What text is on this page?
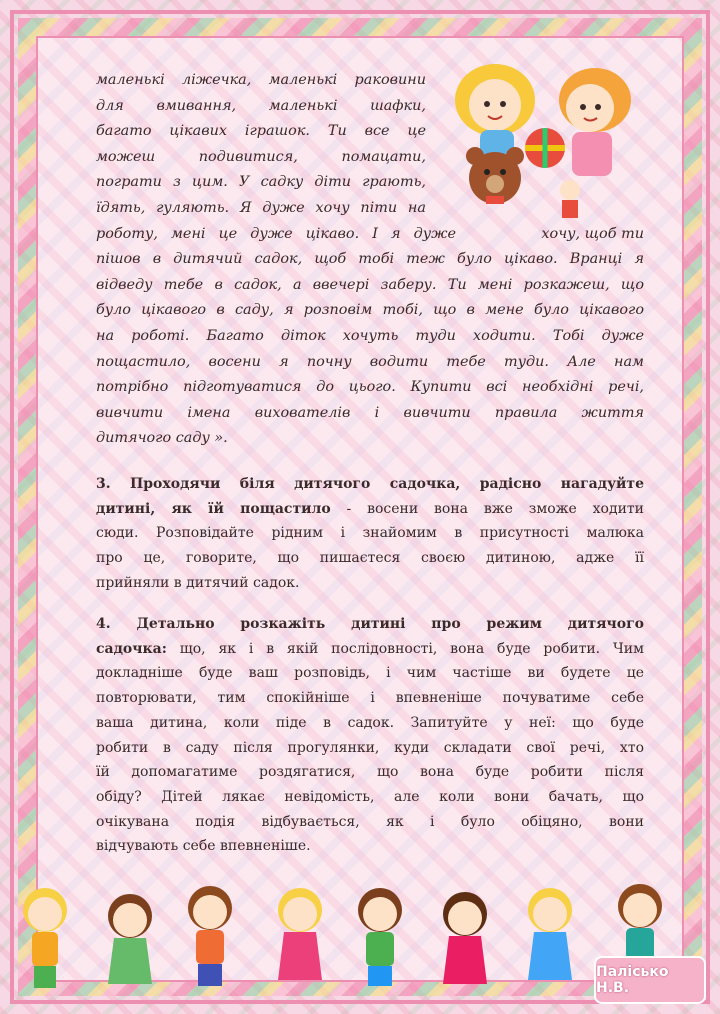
маленькі ліжечка, маленькі раковини
для вмивання, маленькі шафки,
багато цікавих іграшок. Ти все це
можеш подивитися, помацати,
пограти з цим. У садку діти грають,
їдять, гуляють. Я дуже хочу піти на
роботу, мені це дуже цікаво. І я дуже	хочу, щоб ти
пішов в дитячий садок, щоб тобі теж було цікаво. Вранці я
відведу тебе в садок, а ввечері заберу. Ти мені розкажеш, що
було цікавого в саду, я розповім тобі, що в мене було цікавого
на роботі. Багато діток хочуть туди ходити. Тобі дуже
пощастило, восени я почну водити тебе туди. Але нам
потрібно підготуватися до цього. Купити всі необхідні речі,
вивчити імена вихователів і вивчити правила життя
дитячого саду ».
3. Проходячи біля дитячого садочка, радісно нагадуйте
дитині, як їй пощастило - восени вона вже зможе ходити
сюди. Розповідайте рідним і знайомим в присутності малюка
про це, говорите, що пишаєтеся своєю дитиною, адже її
прийняли в дитячий садок.
4. Детально розкажіть дитині про режим дитячого
садочка: що, як і в якій послідовності, вона буде робити. Чим
докладніше буде ваш розповідь, і чим частіше ви будете це
повторювати, тим спокійніше і впевненіше почуватиме себе
ваша дитина, коли піде в садок. Запитуйте у неї: що буде
робити в саду після прогулянки, куди складати свої речі, хто
їй допомагатиме роздягатися, що вона буде робити після
обіду? Дітей лякає невідомість, але коли вони бачать, що
очікувана подія відбувається, як і було обіцяно, вони
відчувають себе впевненіше.
Палісько Н.В.
